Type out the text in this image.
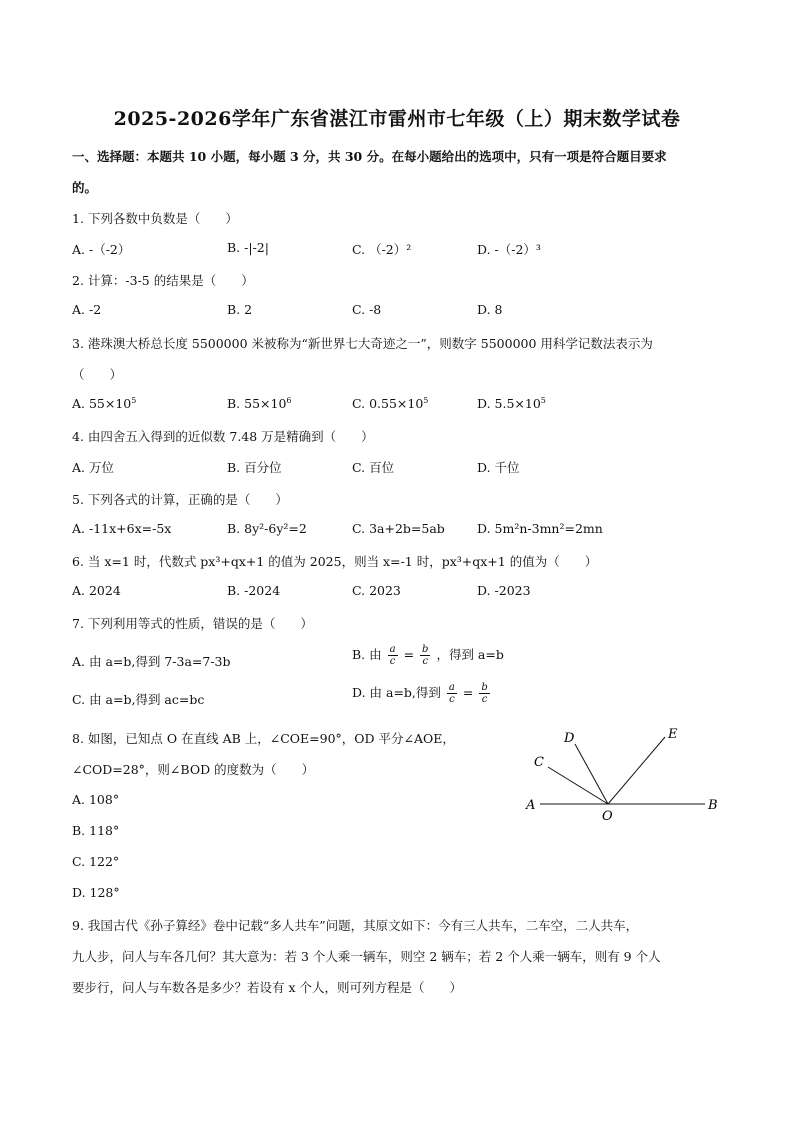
2025-2026学年广东省湛江市雷州市七年级（上）期末数学试卷
一、选择题：本题共 10 小题，每小题 3 分，共 30 分。在每小题给出的选项中，只有一项是符合题目要求
的。
1. 下列各数中负数是（　　）
A. -（-2）	B. -|-2|	C. （-2）²	D. -（-2）³
2. 计算：-3-5 的结果是（　　）
A. -2	B. 2	C. -8	D. 8
3. 港珠澳大桥总长度 5500000 米被称为“新世界七大奇迹之一”，则数字 5500000 用科学记数法表示为
（　　）
A. $55\times 10^5$	B. $55\times 10^6$	C. $0.55\times 10^5$	D. $5.5\times 10^5$
4. 由四舍五入得到的近似数 7.48 万是精确到（　　）
A. 万位	B. 百分位	C. 百位	D. 千位
5. 下列各式的计算，正确的是（　　）
A. -11x+6x=-5x	B. 8y²-6y²=2	C. 3a+2b=5ab	D. 5m²n-3mn²=2mn
6. 当 x=1 时，代数式 px³+qx+1 的值为 2025，则当 x=-1 时，px³+qx+1 的值为（　　）
A. 2024	B. -2024	C. 2023	D. -2023
7. 下列利用等式的性质，错误的是（　　）
A. 由 a=b,得到 7-3a=7-3b	B. 由 $\frac{a}{c} = \frac{b}{c}$ ，得到 a=b
C. 由 a=b,得到 ac=bc	D. 由 a=b,得到 $\frac{a}{c} = \frac{b}{c}$
8. 如图，已知点 O 在直线 AB 上，∠COE=90°，OD 平分∠AOE，
∠COD=28°，则∠BOD 的度数为（　　）
A. 108°
B. 118°
C. 122°
D. 128°
A	B
C
D	E
O
9. 我国古代《孙子算经》卷中记载“多人共车”问题，其原文如下：今有三人共车，二车空，二人共车，
九人步，问人与车各几何？其大意为：若 3 个人乘一辆车，则空 2 辆车；若 2 个人乘一辆车，则有 9 个人
要步行，问人与车数各是多少？若设有 x 个人，则可列方程是（　　）
